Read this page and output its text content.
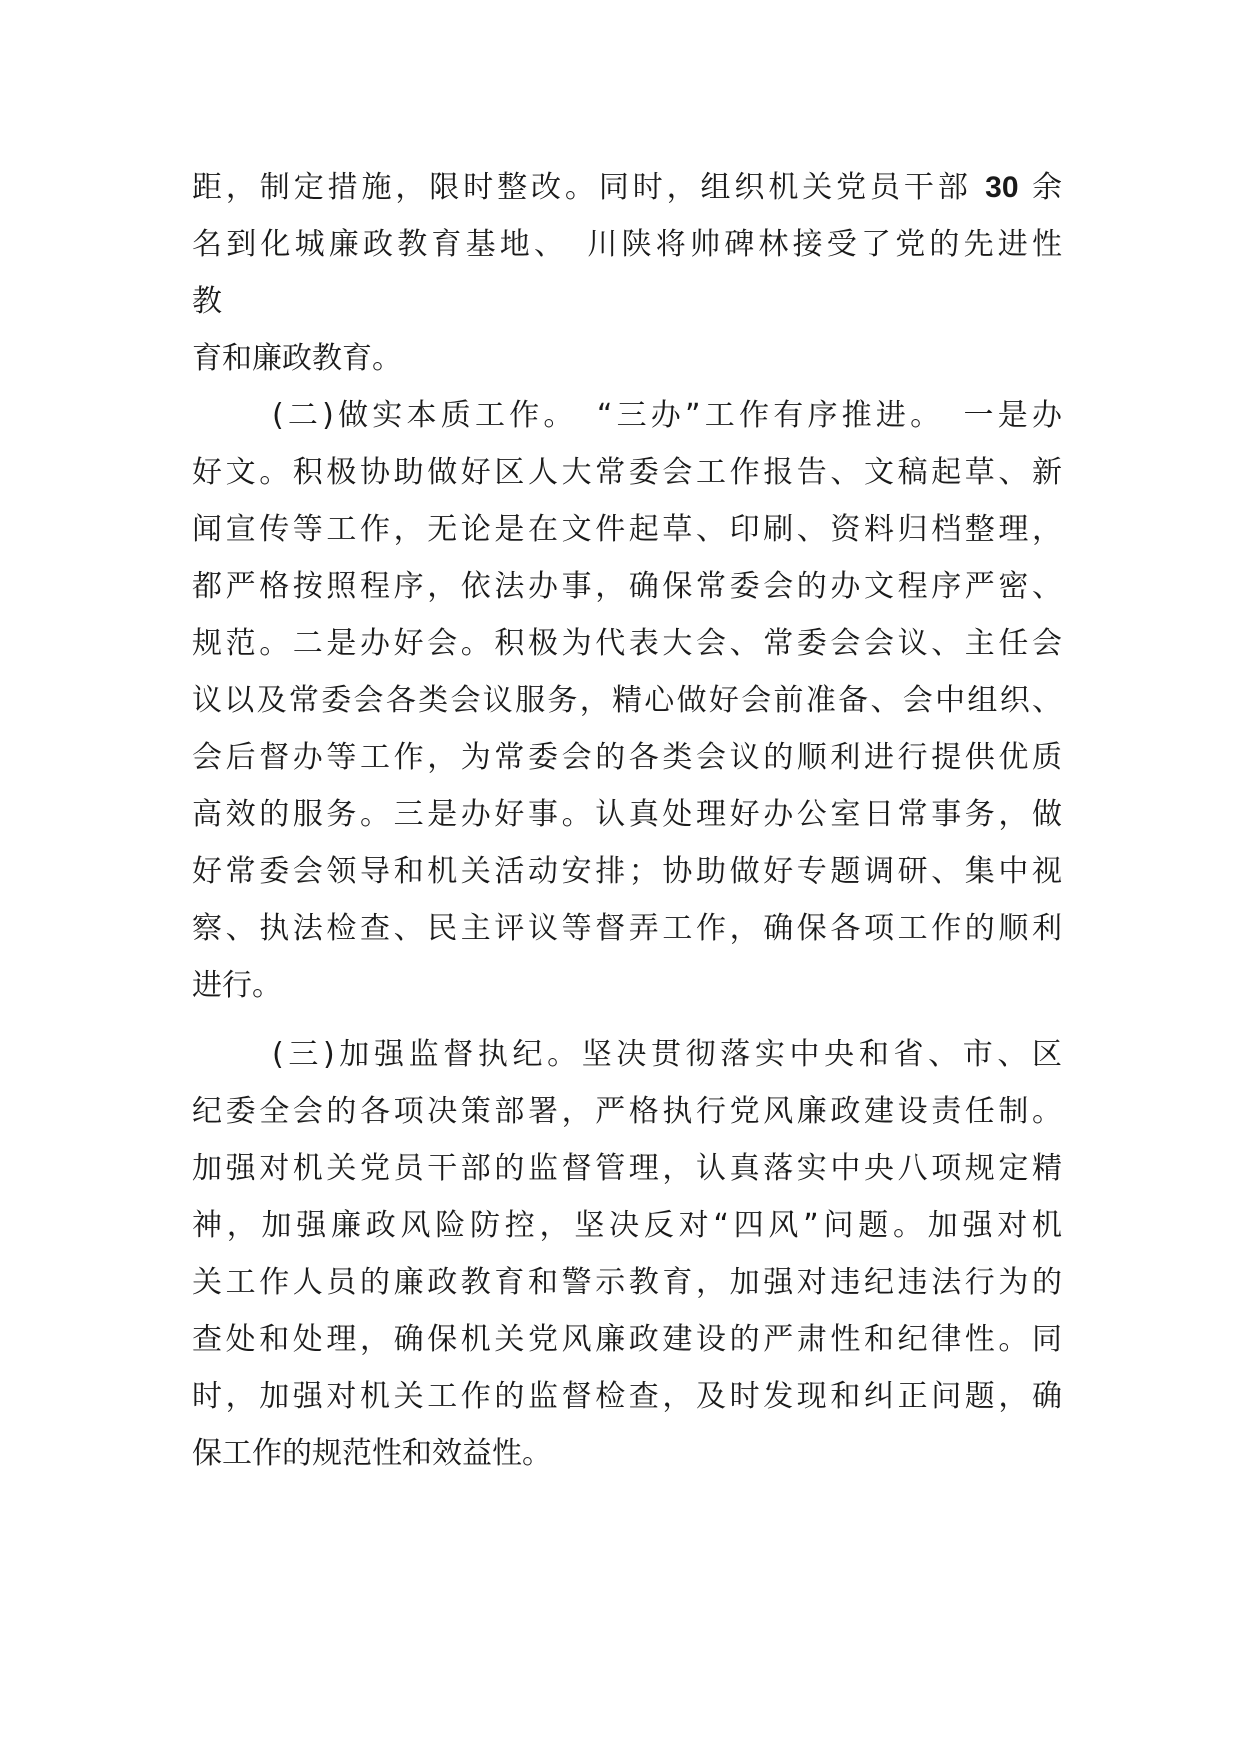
距，制定措施，限时整改。同时，组织机关党员干部 30 余
名到化城廉政教育基地、　川陕将帅碑林接受了党的先进性
教
育和廉政教育。
(二)做实本质工作。　“三办”工作有序推进。　一是办
好文。积极协助做好区人大常委会工作报告、文稿起草、新
闻宣传等工作，无论是在文件起草、印刷、资料归档整理，
都严格按照程序，依法办事，确保常委会的办文程序严密、
规范。二是办好会。积极为代表大会、常委会会议、主任会
议以及常委会各类会议服务，精心做好会前准备、会中组织、
会后督办等工作，为常委会的各类会议的顺利进行提供优质
高效的服务。三是办好事。认真处理好办公室日常事务，做
好常委会领导和机关活动安排；协助做好专题调研、集中视
察、执法检查、民主评议等督弄工作，确保各项工作的顺利
进行。
(三)加强监督执纪。坚决贯彻落实中央和省、市、区
纪委全会的各项决策部署，严格执行党风廉政建设责任制。
加强对机关党员干部的监督管理，认真落实中央八项规定精
神，加强廉政风险防控，坚决反对“四风”问题。加强对机
关工作人员的廉政教育和警示教育，加强对违纪违法行为的
查处和处理，确保机关党风廉政建设的严肃性和纪律性。同
时，加强对机关工作的监督检查，及时发现和纠正问题，确
保工作的规范性和效益性。
